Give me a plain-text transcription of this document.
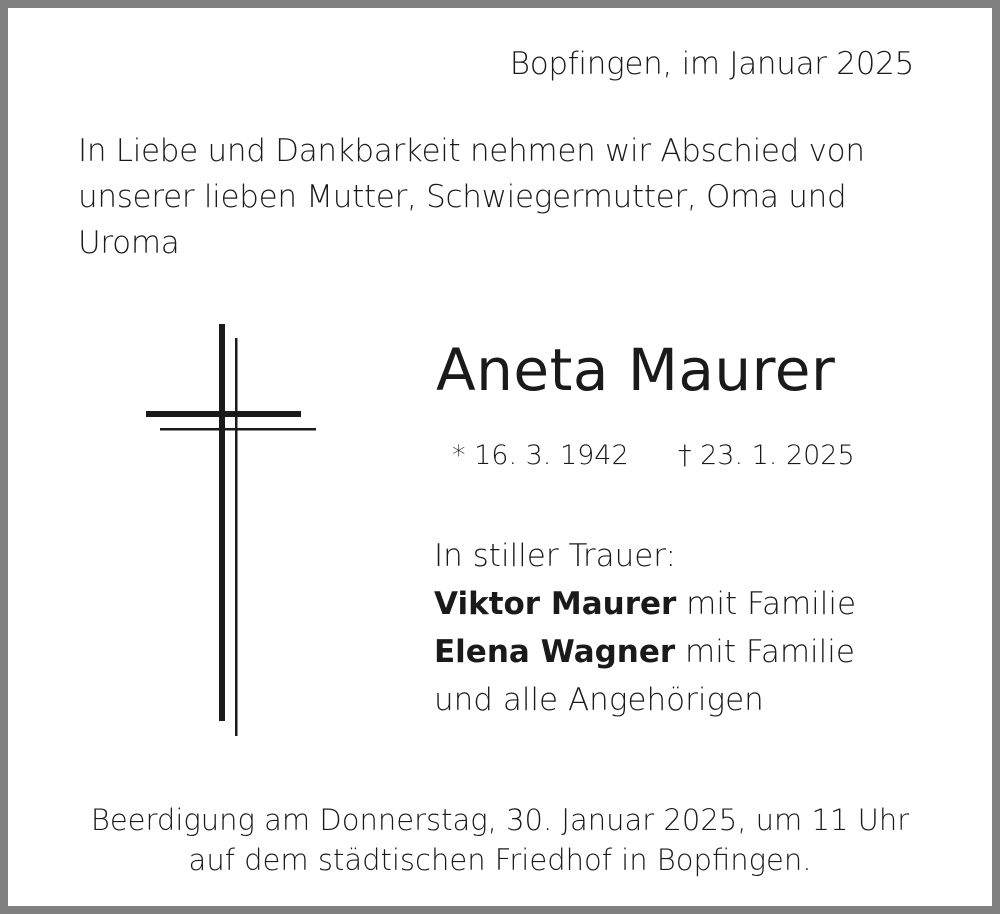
Bopfingen, im Januar 2025
In Liebe und Dankbarkeit nehmen wir Abschied von unserer lieben Mutter, Schwiegermutter, Oma und Uroma
Aneta Maurer
* 16. 3. 1942 † 23. 1. 2025
In stiller Trauer:
Viktor Maurer mit Familie
Elena Wagner mit Familie
und alle Angehörigen
Beerdigung am Donnerstag, 30. Januar 2025, um 11 Uhr
auf dem städtischen Friedhof in Bopfingen.
